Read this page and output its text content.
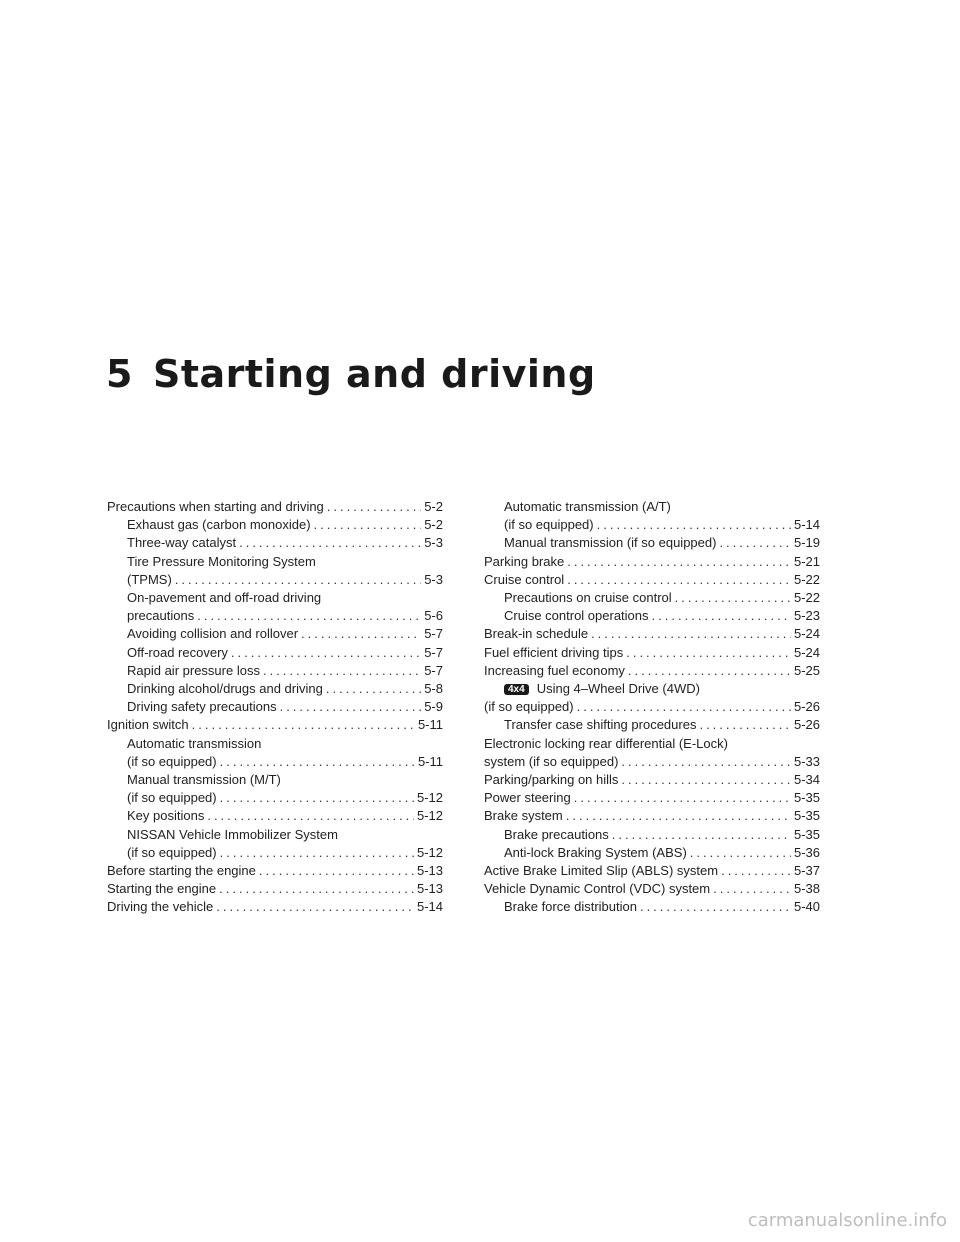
5 Starting and driving
Precautions when starting and driving .....	5-2
Exhaust gas (carbon monoxide) .....	5-2
Three-way catalyst .....	5-3
Tire Pressure Monitoring System
(TPMS) .....	5-3
On-pavement and off-road driving
precautions .....	5-6
Avoiding collision and rollover .....	5-7
Off-road recovery .....	5-7
Rapid air pressure loss .....	5-7
Drinking alcohol/drugs and driving .....	5-8
Driving safety precautions .....	5-9
Ignition switch .....	5-11
Automatic transmission
(if so equipped) .....	5-11
Manual transmission (M/T)
(if so equipped) .....	5-12
Key positions .....	5-12
NISSAN Vehicle Immobilizer System
(if so equipped) .....	5-12
Before starting the engine .....	5-13
Starting the engine .....	5-13
Driving the vehicle .....	5-14
Automatic transmission (A/T)
(if so equipped) .....	5-14
Manual transmission (if so equipped) .....	5-19
Parking brake .....	5-21
Cruise control .....	5-22
Precautions on cruise control .....	5-22
Cruise control operations .....	5-23
Break-in schedule .....	5-24
Fuel efficient driving tips .....	5-24
Increasing fuel economy .....	5-25
4x4 Using 4–Wheel Drive (4WD)
(if so equipped) .....	5-26
Transfer case shifting procedures .....	5-26
Electronic locking rear differential (E-Lock)
system (if so equipped) .....	5-33
Parking/parking on hills .....	5-34
Power steering .....	5-35
Brake system .....	5-35
Brake precautions .....	5-35
Anti-lock Braking System (ABS) .....	5-36
Active Brake Limited Slip (ABLS) system .....	5-37
Vehicle Dynamic Control (VDC) system .....	5-38
Brake force distribution .....	5-40
carmanualsonline.info
